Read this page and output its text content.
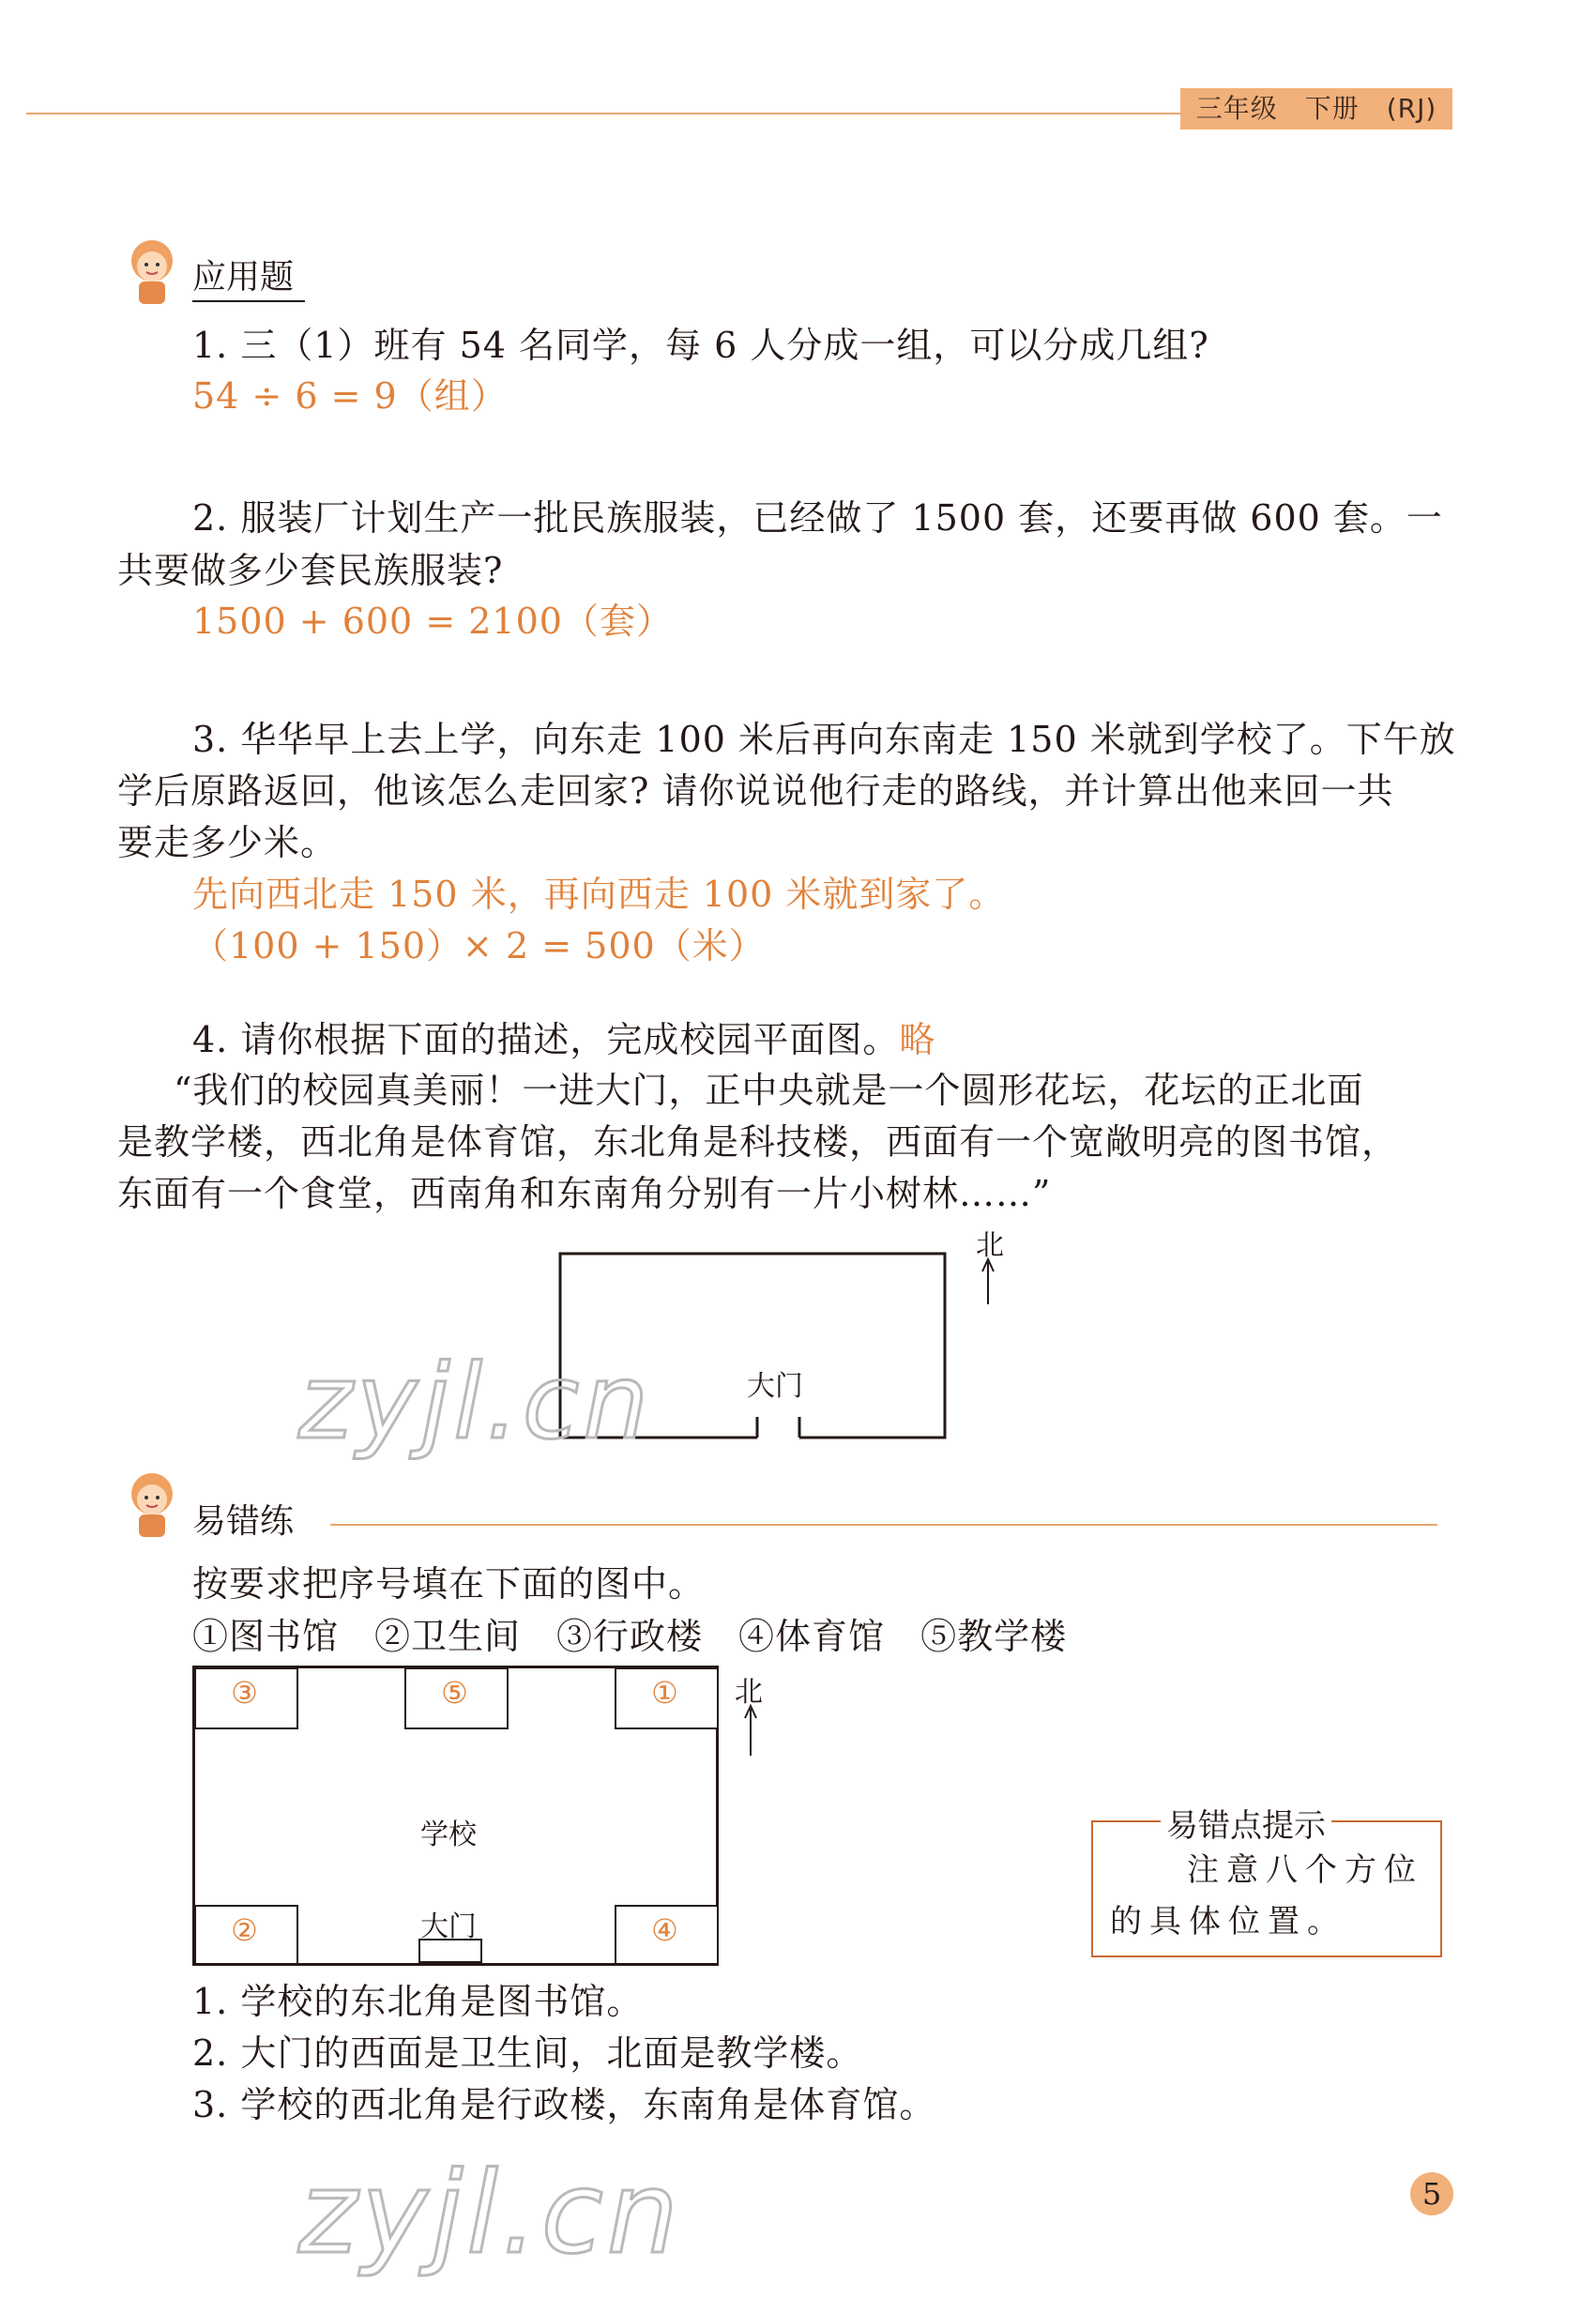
三年级　下册　(RJ)
应用题
1. 三（1）班有 54 名同学，每 6 人分成一组，可以分成几组?
54 ÷ 6 = 9（组）
2. 服装厂计划生产一批民族服装，已经做了 1500 套，还要再做 600 套。一
共要做多少套民族服装?
1500 + 600 = 2100（套）
3. 华华早上去上学，向东走 100 米后再向东南走 150 米就到学校了。下午放
学后原路返回，他该怎么走回家? 请你说说他行走的路线，并计算出他来回一共
要走多少米。
先向西北走 150 米，再向西走 100 米就到家了。
（100 + 150）× 2 = 500（米）
4. 请你根据下面的描述，完成校园平面图。略
“我们的校园真美丽！一进大门，正中央就是一个圆形花坛，花坛的正北面
是教学楼，西北角是体育馆，东北角是科技楼，西面有一个宽敞明亮的图书馆，
东面有一个食堂，西南角和东南角分别有一片小树林……”
大门
北
zyjl.cn
易错练
按要求把序号填在下面的图中。
①图书馆 ②卫生间 ③行政楼 ④体育馆 ⑤教学楼
③	⑤	①
②	④
学校
大门
北
易错点提示
注意八个方位
的具体位置。
1. 学校的东北角是图书馆。
2. 大门的西面是卫生间，北面是教学楼。
3. 学校的西北角是行政楼，东南角是体育馆。
zyjl.cn	5
